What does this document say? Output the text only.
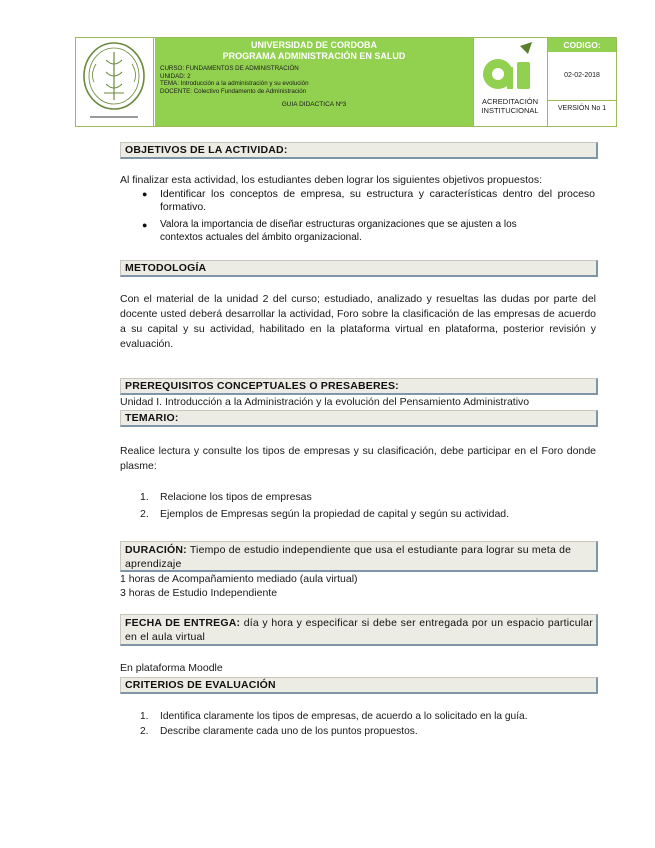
UNIVERSIDAD DE CORDOBA
PROGRAMA ADMINISTRACIÓN EN SALUD
CURSO: FUNDAMENTOS DE ADMINISTRACIÓN
UNIDAD: 2
TEMA: Introducción a la administración y su evolución
DOCENTE: Colectivo Fundamento de Administración
GUIA DIDACTICA Nº3	ACREDITACIÓN
INSTITUCIONAL
CODIGO:
02-02-2018
VERSIÓN No 1
OBJETIVOS DE LA ACTIVIDAD:
Al finalizar esta actividad, los estudiantes deben lograr los siguientes objetivos propuestos:
● Identificar los conceptos de empresa, su estructura y características dentro del proceso formativo.
● Valora la importancia de diseñar estructuras organizaciones que se ajusten a los contextos actuales del ámbito organizacional.
METODOLOGÍA
Con el material de la unidad 2 del curso; estudiado, analizado y resueltas las dudas por parte del docente usted deberá desarrollar la actividad, Foro sobre la clasificación de las empresas de acuerdo a su capital y su actividad, habilitado en la plataforma virtual en plataforma, posterior revisión y evaluación.
PREREQUISITOS CONCEPTUALES O PRESABERES:
Unidad I. Introducción a la Administración y la evolución del Pensamiento Administrativo
TEMARIO:
Realice lectura y consulte los tipos de empresas y su clasificación, debe participar en el Foro donde plasme:
1. Relacione los tipos de empresas
2. Ejemplos de Empresas según la propiedad de capital y según su actividad.
DURACIÓN: Tiempo de estudio independiente que usa el estudiante para lograr su meta de aprendizaje
1 horas de Acompañamiento mediado (aula virtual)
3 horas de Estudio Independiente
FECHA DE ENTREGA: día y hora y especificar si debe ser entregada por un espacio particular en el aula virtual
En plataforma Moodle
CRITERIOS DE EVALUACIÓN
1. Identifica claramente los tipos de empresas, de acuerdo a lo solicitado en la guía.
2. Describe claramente cada uno de los puntos propuestos.
